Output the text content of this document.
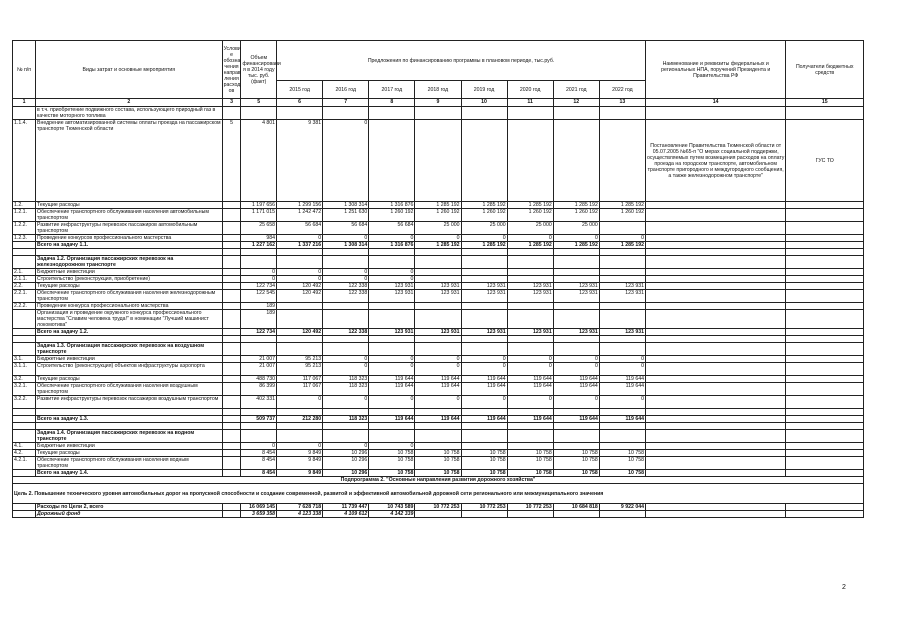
№ п/п	Виды затрат и основные мероприятия	Услови е обозна чения направ ления расход ов	Объем финансировани я в 2014 году тыс. руб. (факт)	Предложения по финансированию программы в плановом периоде, тыс.руб.								Наименование и реквизиты федеральных и региональных НПА, поручений Президента и Правительства РФ	Получатели бюджетных средств
				2015 год	2016 год	2017 год	2018 год	2019 год	2020 год	2021 год	2022 год		
1	2	3	5	6	7	8	9	10	11	12	13	14	15
	в т.ч. приобретение подвижного состава, испольэующего природный газ в качестве моторного топлива												
1.1.4.	Внедрение автоматизированной системы оплаты проезда на пассажирском транспорте Тюменской области	5	4 801	9 381	0							Постановление Правительства Тюменской области от 05.07.2005 №65-п "О мерах социальной поддержки, осуществляемых путем возмещения расходов на оплату проезда на городском транспорте, автомобильном транспорте пригородного и междугородного сообщения, а также железнодорожном транспорте"	ГУС ТО
1.2.	Текущие расходы		1 197 656	1 299 156	1 308 314	1 316 876	1 285 192	1 285 192	1 285 192	1 285 192	1 285 192		
1.2.1.	Обеспечение транспортного обслуживания населения автомобильным транспортом		1 171 015	1 242 472	1 251 630	1 260 192	1 260 192	1 260 192	1 260 192	1 260 192	1 260 192		
1.2.2.	Развитие инфраструктуры перевозок пассажиров автомобильным транспортом		25 658	56 684	56 684	56 684	25 000	25 000	25 000	25 000			
1.2.3.	Проведение конкурсов профессионального мастерства		984	0	0	0	0	0	0	0	0		
	Всего на задачу 1.1.		1 227 162	1 337 216	1 308 314	1 316 876	1 285 192	1 285 192	1 285 192	1 285 192	1 285 192		

	Задача 1.2. Организация пассажирских перевозок на железнодорожном транспорте												
2.1.	Бюджетные инвестиции		0	0	0	0							
2.1.1.	Строительство (реконструкция, приобретение)		0	0	0	0							
2.2.	Текущие расходы		122 734	120 492	122 338	123 931	123 931	123 931	123 931	123 931	123 931		
2.2.1.	Обеспечение транспортного обслуживания населения железнодорожным транспортом		122 545	120 492	122 338	123 931	123 931	123 931	123 931	123 931	123 931		
2.2.2.	Проведение конкурса профессионального мастерства		189										
	Организация и проведение окружного конкурса профессионального мастерства "Славим человека труда!" в номинации "Лучший машинист локомотива"		189										
	Всего на задачу 1.2.		122 734	120 492	122 338	123 931	123 931	123 931	123 931	123 931	123 931		

	Задача 1.3. Организация пассажирских перевозок на воздушном транспорте												
3.1.	Бюджетные инвестиции		21 007	95 213	0	0	0	0	0	0	0		
3.1.1.	Строительство (реконструкция) объектов инфраструктуры аэропорта		21 007	95 213	0	0	0	0	0	0	0		
3.2.	Текущие расходы		488 730	117 067	118 323	119 644	119 644	119 644	119 644	119 644	119 644		
3.2.1.	Обеспечение транспортного обслуживания населения воздушным транспортом		86 399	117 067	118 323	119 644	119 644	119 644	119 644	119 644	119 644		
3.2.2.	Развитие инфраструктуры перевозок пассажиров воздушным транспортом		402 331	0	0	0	0	0	0	0	0		

	Всего на задачу 1.3.		509 737	212 280	118 323	119 644	119 644	119 644	119 644	119 644	119 644		

	Задача 1.4. Организация пассажирских перевозок на водном транспорте												
4.1.	Бюджетные инвестиции		0	0	0	0							
4.2.	Текущие расходы		8 454	9 849	10 296	10 758	10 758	10 758	10 758	10 758	10 758		
4.2.1.	Обеспечение транспортного обслуживания населения водным транспортом		8 454	9 849	10 296	10 758	10 758	10 758	10 758	10 758	10 758		
	Всего на задачу 1.4.		8 454	9 849	10 296	10 758	10 758	10 758	10 758	10 758	10 758		
Подпрограмма 2. "Основные направления развития дорожного хозяйства"													
Цель 2. Повышение технического уровня автомобильных дорог на пропускной способности и создание современной, развитой и эффективной автомобильной дорожной сети регионального или межмуниципального значения													
	Расходы по Цели 2, всего		16 069 145	7 628 718	11 739 447	10 743 589	10 772 253	10 772 253	10 772 253	10 684 818	9 922 044		
	Дорожный фонд		3 659 358	4 123 338	4 109 612	4 142 339							
2
